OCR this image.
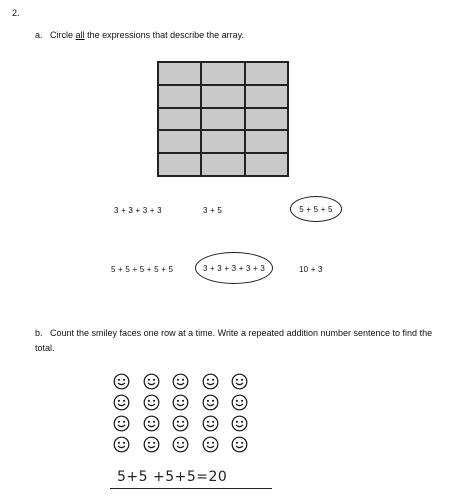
2.
a. Circle all the expressions that describe the array.
3 + 3 + 3 + 3	3 + 5	5 + 5 + 5
5 + 5 + 5 + 5 + 5	3 + 3 + 3 + 3 + 3	10 + 3
b. Count the smiley faces one row at a time. Write a repeated addition number sentence to find the total.
5+5 +5+5=20
